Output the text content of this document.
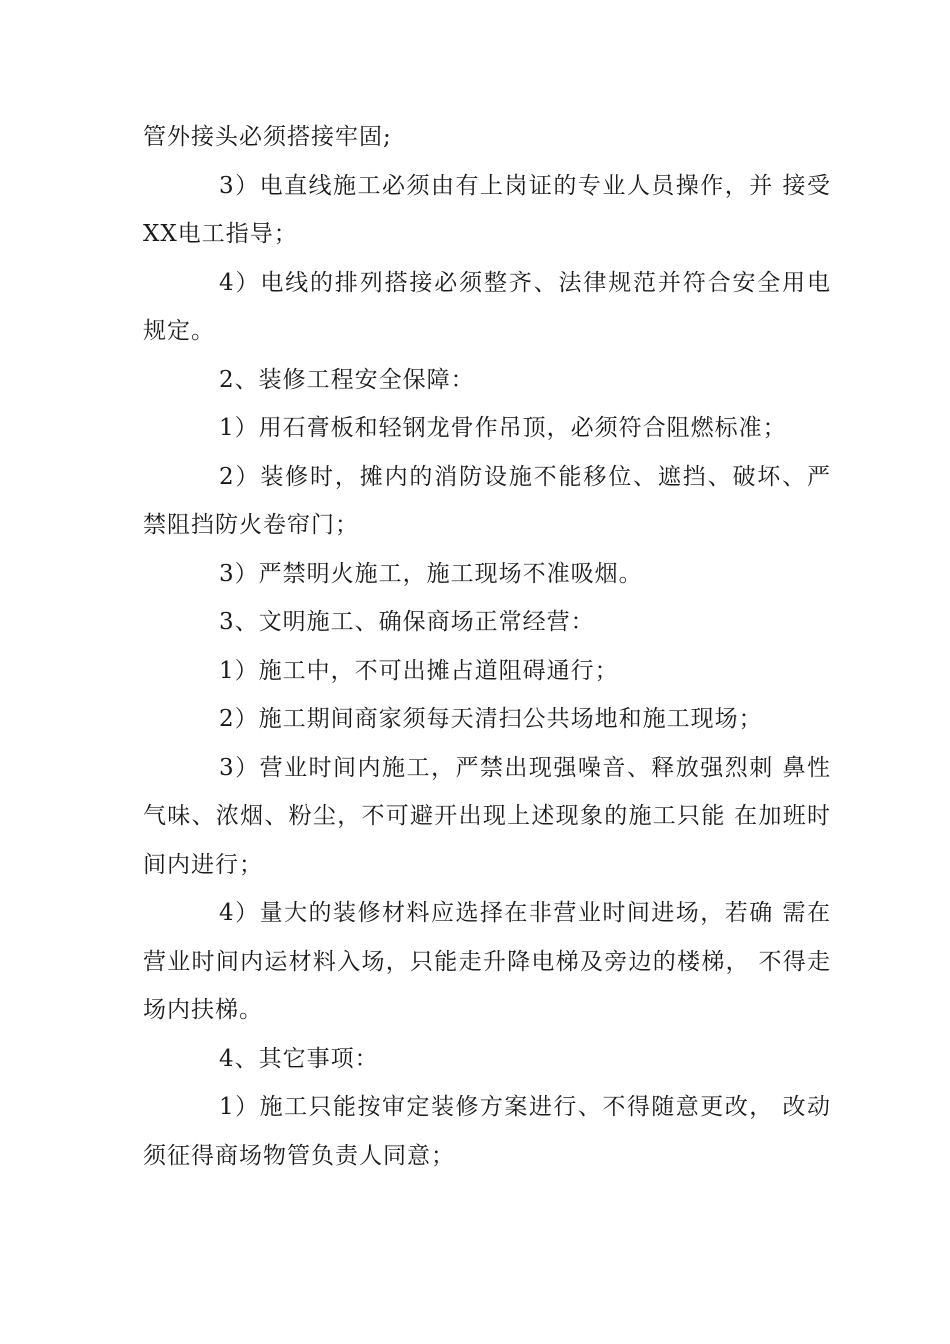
管外接头必须搭接牢固;

3）电直线施工必须由有上岗证的专业人员操作，并 接受XX电工指导；

4）电线的排列搭接必须整齐、法律规范并符合安全用电规定。

2、装修工程安全保障：

1）用石膏板和轻钢龙骨作吊顶，必须符合阻燃标准；

2）装修时，摊内的消防设施不能移位、遮挡、破坏、严禁阻挡防火卷帘门；

3）严禁明火施工，施工现场不准吸烟。

3、文明施工、确保商场正常经营：

1）施工中，不可出摊占道阻碍通行；

2）施工期间商家须每天清扫公共场地和施工现场；

3）营业时间内施工，严禁出现强噪音、释放强烈刺 鼻性气味、浓烟、粉尘，不可避开出现上述现象的施工只能 在加班时间内进行；

4）量大的装修材料应选择在非营业时间进场，若确 需在营业时间内运材料入场，只能走升降电梯及旁边的楼梯， 不得走场内扶梯。

4、其它事项：

1）施工只能按审定装修方案进行、不得随意更改， 改动须征得商场物管负责人同意；
